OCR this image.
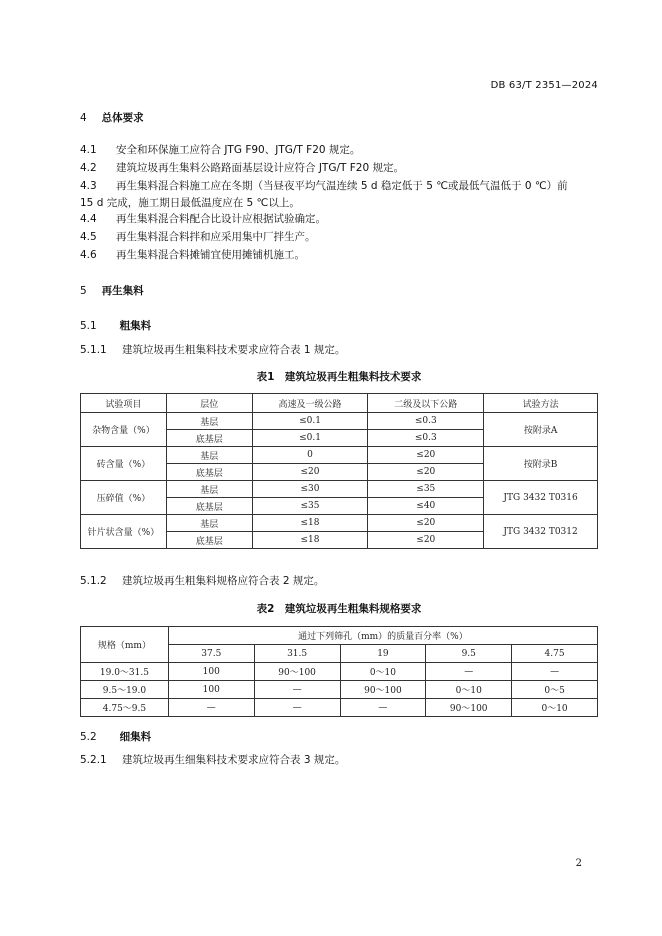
DB 63/T 2351—2024
4 总体要求
4.1 安全和环保施工应符合 JTG F90、JTG/T F20 规定。
4.2 建筑垃圾再生集料公路路面基层设计应符合 JTG/T F20 规定。
4.3 再生集料混合料施工应在冬期（当昼夜平均气温连续 5 d 稳定低于 5 ℃或最低气温低于 0 ℃）前
15 d 完成，施工期日最低温度应在 5 ℃以上。
4.4 再生集料混合料配合比设计应根据试验确定。
4.5 再生集料混合料拌和应采用集中厂拌生产。
4.6 再生集料混合料摊铺宜使用摊铺机施工。
5 再生集料
5.1 粗集料
5.1.1 建筑垃圾再生粗集料技术要求应符合表 1 规定。
表1　建筑垃圾再生粗集料技术要求
试验项目	层位	高速及一级公路	二级及以下公路	试验方法
杂物含量（%）	基层	≤0.1	≤0.3	按附录A
	底基层	≤0.1	≤0.3	
砖含量（%）	基层	0	≤20	按附录B
	底基层	≤20	≤20	
压碎值（%）	基层	≤30	≤35	JTG 3432 T0316
	底基层	≤35	≤40	
针片状含量（%）	基层	≤18	≤20	JTG 3432 T0312
	底基层	≤18	≤20	
5.1.2 建筑垃圾再生粗集料规格应符合表 2 规定。
表2　建筑垃圾再生粗集料规格要求
规格（mm）	通过下列筛孔（mm）的质量百分率（%）				
	37.5	31.5	19	9.5	4.75
19.0～31.5	100	90～100	0～10	—	—
9.5～19.0	100	—	90～100	0～10	0～5
4.75～9.5	—	—	—	90～100	0～10
5.2 细集料
5.2.1 建筑垃圾再生细集料技术要求应符合表 3 规定。
2
